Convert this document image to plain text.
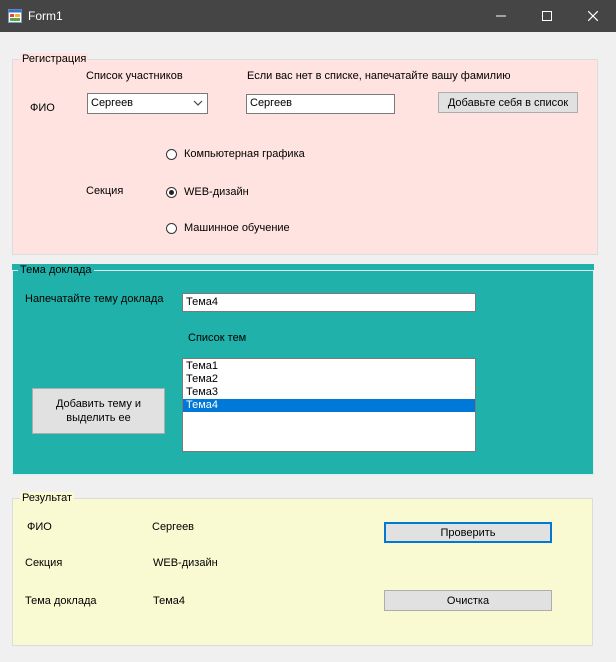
Form1
Регистрация
ФИО
Список участников
Сергеев
Если вас нет в списке, напечатайте вашу фамилию
Сергеев	Добавьте себя в список
Секция
Компьютерная графика
WEB-дизайн
Машинное обучение
Тема доклада
Напечатайте тему доклада	Тема4
Список тем
Добавить тему и выделить ее
Тема1
Тема2
Тема3
Тема4
Результат
ФИО	Сергеев
Секция	WEB-дизайн
Тема доклада	Тема4
Проверить
Очистка
